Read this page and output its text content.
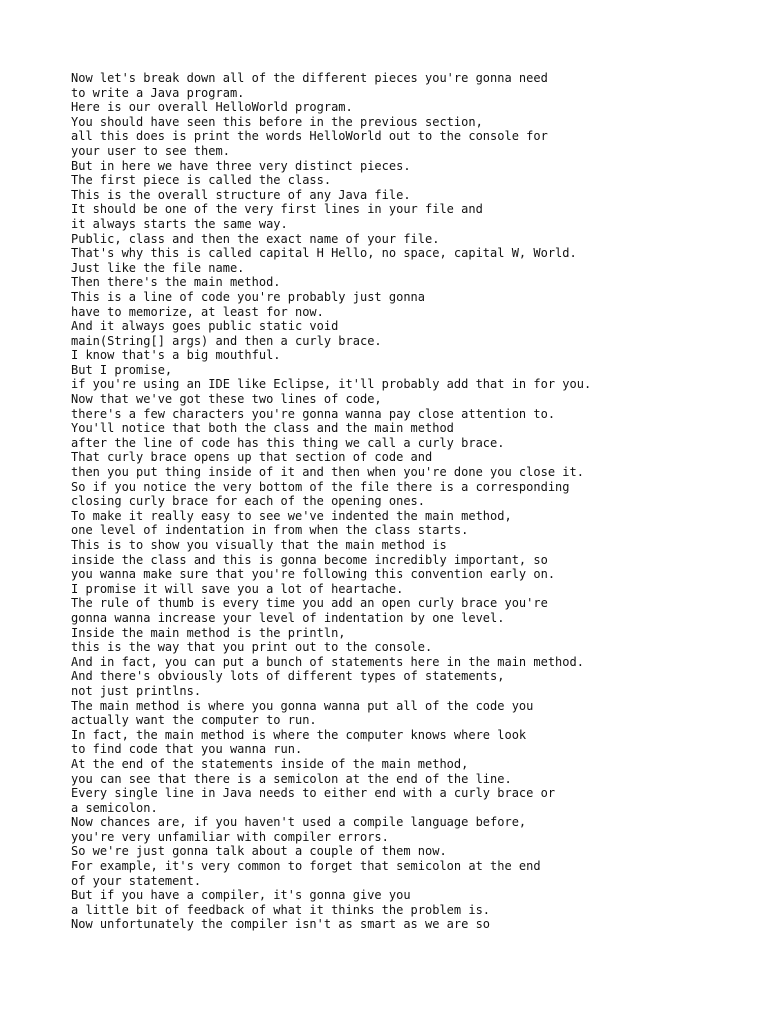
Now let's break down all of the different pieces you're gonna need
to write a Java program.
Here is our overall HelloWorld program.
You should have seen this before in the previous section,
all this does is print the words HelloWorld out to the console for
your user to see them.
But in here we have three very distinct pieces.
The first piece is called the class.
This is the overall structure of any Java file.
It should be one of the very first lines in your file and
it always starts the same way.
Public, class and then the exact name of your file.
That's why this is called capital H Hello, no space, capital W, World.
Just like the file name.
Then there's the main method.
This is a line of code you're probably just gonna
have to memorize, at least for now.
And it always goes public static void
main(String[] args) and then a curly brace.
I know that's a big mouthful.
But I promise,
if you're using an IDE like Eclipse, it'll probably add that in for you.
Now that we've got these two lines of code,
there's a few characters you're gonna wanna pay close attention to.
You'll notice that both the class and the main method
after the line of code has this thing we call a curly brace.
That curly brace opens up that section of code and
then you put thing inside of it and then when you're done you close it.
So if you notice the very bottom of the file there is a corresponding
closing curly brace for each of the opening ones.
To make it really easy to see we've indented the main method,
one level of indentation in from when the class starts.
This is to show you visually that the main method is
inside the class and this is gonna become incredibly important, so
you wanna make sure that you're following this convention early on.
I promise it will save you a lot of heartache.
The rule of thumb is every time you add an open curly brace you're
gonna wanna increase your level of indentation by one level.
Inside the main method is the println,
this is the way that you print out to the console.
And in fact, you can put a bunch of statements here in the main method.
And there's obviously lots of different types of statements,
not just printlns.
The main method is where you gonna wanna put all of the code you
actually want the computer to run.
In fact, the main method is where the computer knows where look
to find code that you wanna run.
At the end of the statements inside of the main method,
you can see that there is a semicolon at the end of the line.
Every single line in Java needs to either end with a curly brace or
a semicolon.
Now chances are, if you haven't used a compile language before,
you're very unfamiliar with compiler errors.
So we're just gonna talk about a couple of them now.
For example, it's very common to forget that semicolon at the end
of your statement.
But if you have a compiler, it's gonna give you
a little bit of feedback of what it thinks the problem is.
Now unfortunately the compiler isn't as smart as we are so
